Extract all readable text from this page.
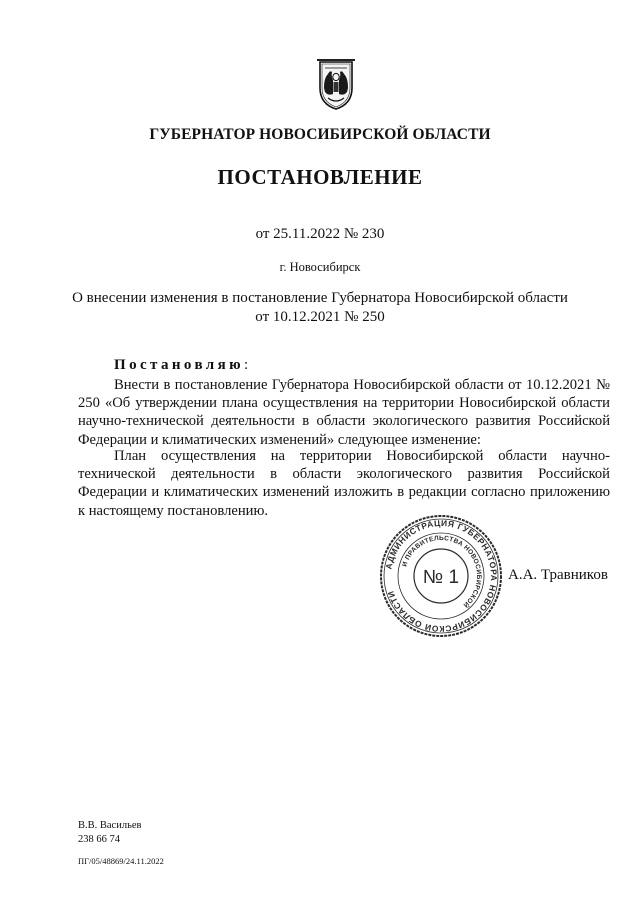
ГУБЕРНАТОР НОВОСИБИРСКОЙ ОБЛАСТИ
ПОСТАНОВЛЕНИЕ
от 25.11.2022 № 230
г. Новосибирск
О внесении изменения в постановление Губернатора Новосибирской области
от 10.12.2021 № 250
Постановляю:
Внести в постановление Губернатора Новосибирской области от 10.12.2021 № 250 «Об утверждении плана осуществления на территории Новосибирской области научно-технической деятельности в области экологического развития Российской Федерации и климатических изменений» следующее изменение:
План осуществления на территории Новосибирской области научно-технической деятельности в области экологического развития Российской Федерации и климатических изменений изложить в редакции согласно приложению к настоящему постановлению.
АДМИНИСТРАЦИЯ ГУБЕРНАТОРА НОВОСИБИРСКОЙ ОБЛАСТИ
И ПРАВИТЕЛЬСТВА НОВОСИБИРСКОЙ
№ 1	А.А. Травников
В.В. Васильев
238 66 74
ПГ/05/48869/24.11.2022
